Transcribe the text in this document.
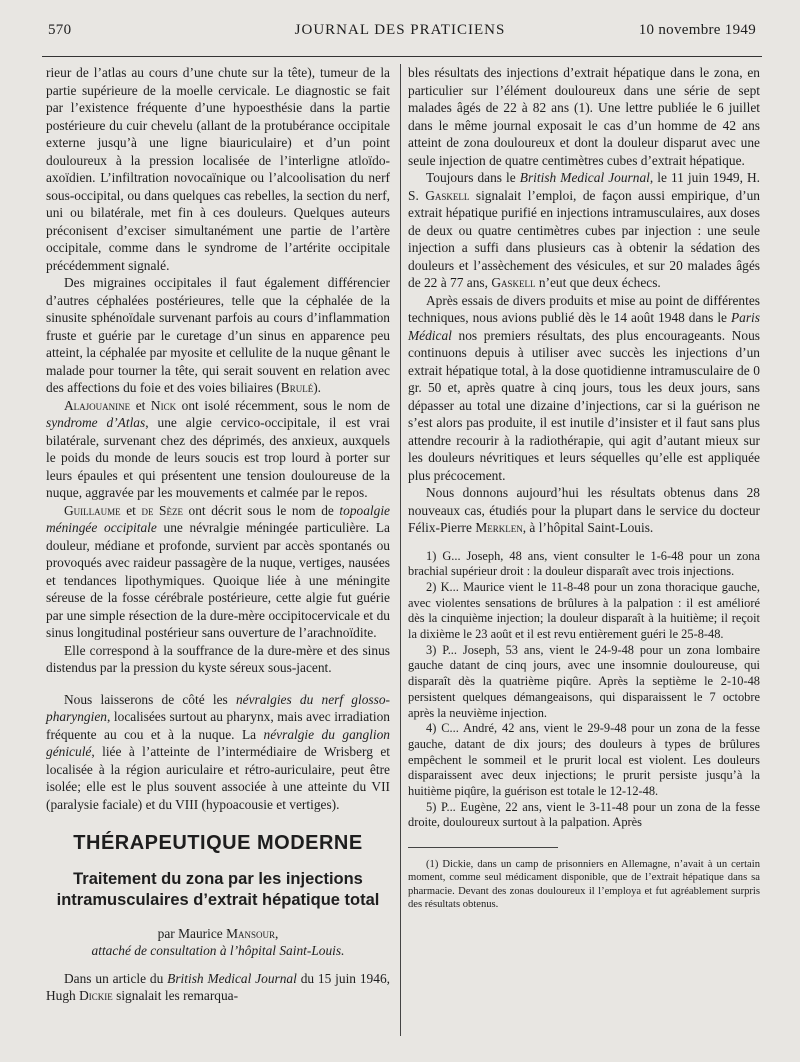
570	JOURNAL DES PRATICIENS	10 novembre 1949

rieur de l’atlas au cours d’une chute sur la tête), tumeur de la partie supérieure de la moelle cervicale. Le diagnostic se fait par l’existence fréquente d’une hypoesthésie dans la partie postérieure du cuir chevelu (allant de la protubérance occipitale externe jusqu’à une ligne biauriculaire) et d’un point douloureux à la pression localisée de l’interligne atloïdo-axoïdien. L’infiltration novocaïnique ou l’alcoolisation du nerf sous-occipital, ou dans quelques cas rebelles, la section du nerf, uni ou bilatérale, met fin à ces douleurs. Quelques auteurs préconisent d’exciser simultanément une partie de l’artère occipitale, comme dans le syndrome de l’artérite occipitale précédemment signalé.

Des migraines occipitales il faut également différencier d’autres céphalées postérieures, telle que la céphalée de la sinusite sphénoïdale survenant parfois au cours d’inflammation fruste et guérie par le curetage d’un sinus en apparence peu atteint, la céphalée par myosite et cellulite de la nuque gênant le malade pour tourner la tête, qui serait souvent en relation avec des affections du foie et des voies biliaires (Brulé).

Alajouanine et Nick ont isolé récemment, sous le nom de syndrome d’Atlas, une algie cervico-occipitale, il est vrai bilatérale, survenant chez des déprimés, des anxieux, auxquels le poids du monde de leurs soucis est trop lourd à porter sur leurs épaules et qui présentent une tension douloureuse de la nuque, aggravée par les mouvements et calmée par le repos.

Guillaume et de Sèze ont décrit sous le nom de topoalgie méningée occipitale une névralgie méningée particulière. La douleur, médiane et profonde, survient par accès spontanés ou provoqués avec raideur passagère de la nuque, vertiges, nausées et tendances lipothymiques. Quoique liée à une méningite séreuse de la fosse cérébrale postérieure, cette algie fut guérie par une simple résection de la dure-mère occipitocervicale et du sinus longitudinal postérieur sans ouverture de l’arachnoïdite.

Elle correspond à la souffrance de la dure-mère et des sinus distendus par la pression du kyste séreux sous-jacent.

Nous laisserons de côté les névralgies du nerf glosso-pharyngien, localisées surtout au pharynx, mais avec irradiation fréquente au cou et à la nuque. La névralgie du ganglion géniculé, liée à l’atteinte de l’intermédiaire de Wrisberg et localisée à la région auriculaire et rétro-auriculaire, peut être isolée; elle est le plus souvent associée à une atteinte du VII (paralysie faciale) et du VIII (hypoacousie et vertiges).

THÉRAPEUTIQUE MODERNE
Traitement du zona par les injections intramusculaires d’extrait hépatique total
par Maurice Mansour,
attaché de consultation à l’hôpital Saint-Louis.

Dans un article du British Medical Journal du 15 juin 1946, Hugh Dickie signalait les remarqua-

bles résultats des injections d’extrait hépatique dans le zona, en particulier sur l’élément douloureux dans une série de sept malades âgés de 22 à 82 ans (1). Une lettre publiée le 6 juillet dans le même journal exposait le cas d’un homme de 42 ans atteint de zona douloureux et dont la douleur disparut avec une seule injection de quatre centimètres cubes d’extrait hépatique.

Toujours dans le British Medical Journal, le 11 juin 1949, H. S. Gaskell signalait l’emploi, de façon aussi empirique, d’un extrait hépatique purifié en injections intramusculaires, aux doses de deux ou quatre centimètres cubes par injection : une seule injection a suffi dans plusieurs cas à obtenir la sédation des douleurs et l’assèchement des vésicules, et sur 20 malades âgés de 22 à 77 ans, Gaskell n’eut que deux échecs.

Après essais de divers produits et mise au point de différentes techniques, nous avions publié dès le 14 août 1948 dans le Paris Médical nos premiers résultats, des plus encourageants. Nous continuons depuis à utiliser avec succès les injections d’un extrait hépatique total, à la dose quotidienne intramusculaire de 0 gr. 50 et, après quatre à cinq jours, tous les deux jours, sans dépasser au total une dizaine d’injections, car si la guérison ne s’est alors pas produite, il est inutile d’insister et il faut sans plus attendre recourir à la radiothérapie, qui agit d’autant mieux sur les douleurs névritiques et leurs séquelles qu’elle est appliquée plus précocement.

Nous donnons aujourd’hui les résultats obtenus dans 28 nouveaux cas, étudiés pour la plupart dans le service du docteur Félix-Pierre Merklen, à l’hôpital Saint-Louis.

1) G... Joseph, 48 ans, vient consulter le 1-6-48 pour un zona brachial supérieur droit : la douleur disparaît avec trois injections.

2) K... Maurice vient le 11-8-48 pour un zona thoracique gauche, avec violentes sensations de brûlures à la palpation : il est amélioré dès la cinquième injection; la douleur disparaît à la huitième; il reçoit la dixième le 23 août et il est revu entièrement guéri le 25-8-48.

3) P... Joseph, 53 ans, vient le 24-9-48 pour un zona lombaire gauche datant de cinq jours, avec une insomnie douloureuse, qui disparaît dès la quatrième piqûre. Après la septième le 2-10-48 persistent quelques démangeaisons, qui disparaissent le 7 octobre après la neuvième injection.

4) C... André, 42 ans, vient le 29-9-48 pour un zona de la fesse gauche, datant de dix jours; des douleurs à types de brûlures empêchent le sommeil et le prurit local est violent. Les douleurs disparaissent avec deux injections; le prurit persiste jusqu’à la huitième piqûre, la guérison est totale le 12-12-48.

5) P... Eugène, 22 ans, vient le 3-11-48 pour un zona de la fesse droite, douloureux surtout à la palpation. Après

(1) Dickie, dans un camp de prisonniers en Allemagne, n’avait à un certain moment, comme seul médicament disponible, que de l’extrait hépatique dans sa pharmacie. Devant des zonas douloureux il l’employa et fut agréablement surpris des résultats obtenus.
